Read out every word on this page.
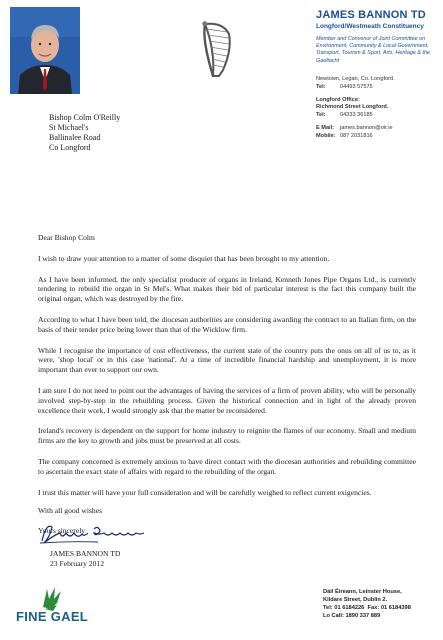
JAMES BANNON TD
Longford/Westmeath Constituency
Member and Convenor of Joint Committee on Environment, Community & Local Government, Transport, Tourism & Sport, Arts, Heritage & the Gaeltacht
Newtown, Legan, Co. Longford.
Tel:	04493 57575
Longford Office:
Richmond Street Longford.
Tel:	04333 36185
E Mail: james.bannon@oir.ie
Mobile: 087 2031816
Bishop Colm O'Reilly
St Michael's
Ballinalee Road
Co Longford

Dear Bishop Colm

I wish to draw your attention to a matter of some disquiet that has been brought to my attention.

As I have been informed, the only specialist producer of organs in Ireland, Kenneth Jones Pipe Organs Ltd., is currently tendering to rebuild the organ in St Mel's. What makes their bid of particular interest is the fact this company built the original organ, which was destroyed by the fire.

According to what I have been told, the diocesan authorities are considering awarding the contract to an Italian firm, on the basis of their tender price being lower than that of the Wicklow firm.

While I recognise the importance of cost effectiveness, the current state of the country puts the onus on all of us to, as it were, 'shop local' or in this case 'national'. At a time of incredible financial hardship and unemployment, it is more important than ever to support our own.

I am sure I do not need to point out the advantages of having the services of a firm of proven ability, who will be personally involved step-by-step in the rebuilding process. Given the historical connection and in light of the already proven excellence their work, I would strongly ask that the matter be reconsidered.

Ireland's recovery is dependent on the support for home industry to reignite the flames of our economy. Small and medium firms are the key to growth and jobs must be preserved at all costs.

The company concerned is extremely anxious to have direct contact with the diocesan authorities and rebuilding committee to ascertain the exact state of affairs with regard to the rebuilding of the organ.

I trust this matter will have your full consideration and will be carefully weighed to reflect current exigencies.

With all good wishes

Yours sincerely

JAMES BANNON TD
23 February 2012
FINE GAEL
Dáil Éireann, Leinster House,
Kildare Street, Dublin 2.
Tel: 01 6184226 Fax: 01 6184398
Lo Call: 1890 337 889
